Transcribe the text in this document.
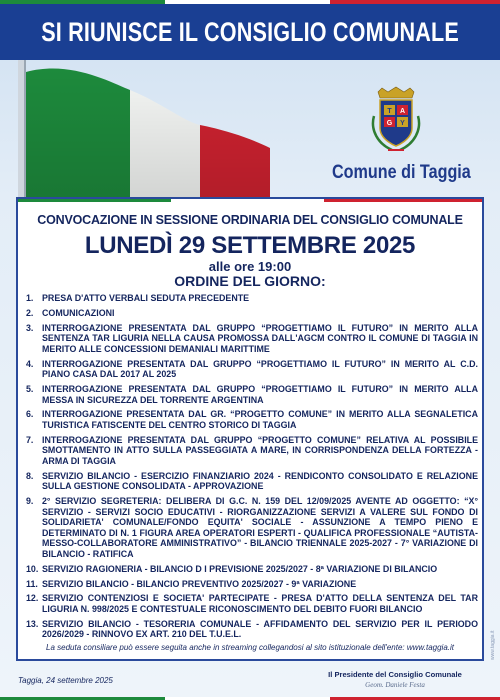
SI RIUNISCE IL CONSIGLIO COMUNALE
T A
G Y
Comune di Taggia
CONVOCAZIONE IN SESSIONE ORDINARIA DEL CONSIGLIO COMUNALE
LUNEDÌ 29 SETTEMBRE 2025
alle ore 19:00
ORDINE DEL GIORNO:
1. PRESA D'ATTO VERBALI SEDUTA PRECEDENTE
2. COMUNICAZIONI
3. INTERROGAZIONE PRESENTATA DAL GRUPPO “PROGETTIAMO IL FUTURO” IN MERITO ALLA SENTENZA TAR LIGURIA NELLA CAUSA PROMOSSA DALL'AGCM CONTRO IL COMUNE DI TAGGIA IN MERITO ALLE CONCESSIONI DEMANIALI MARITTIME
4. INTERROGAZIONE PRESENTATA DAL GRUPPO “PROGETTIAMO IL FUTURO” IN MERITO AL C.D. PIANO CASA DAL 2017 AL 2025
5. INTERROGAZIONE PRESENTATA DAL GRUPPO “PROGETTIAMO IL FUTURO” IN MERITO ALLA MESSA IN SICUREZZA DEL TORRENTE ARGENTINA
6. INTERROGAZIONE PRESENTATA DAL GR. “PROGETTO COMUNE” IN MERITO ALLA SEGNALETICA TURISTICA FATISCENTE DEL CENTRO STORICO DI TAGGIA
7. INTERROGAZIONE PRESENTATA DAL GRUPPO “PROGETTO COMUNE” RELATIVA AL POSSIBILE SMOTTAMENTO IN ATTO SULLA PASSEGGIATA A MARE, IN CORRISPONDENZA DELLA FORTEZZA - ARMA DI TAGGIA
8. SERVIZIO BILANCIO - ESERCIZIO FINANZIARIO 2024 - RENDICONTO CONSOLIDATO E RELAZIONE SULLA GESTIONE CONSOLIDATA - APPROVAZIONE
9. 2° SERVIZIO SEGRETERIA: DELIBERA DI G.C. N. 159 DEL 12/09/2025 AVENTE AD OGGETTO: “X° SERVIZIO - SERVIZI SOCIO EDUCATIVI - RIORGANIZZAZIONE SERVIZI A VALERE SUL FONDO DI SOLIDARIETA' COMUNALE/FONDO EQUITA' SOCIALE - ASSUNZIONE A TEMPO PIENO E DETERMINATO DI N. 1 FIGURA AREA OPERATORI ESPERTI - QUALIFICA PROFESSIONALE “AUTISTA-MESSO-COLLABORATORE AMMINISTRATIVO” - BILANCIO TRIENNALE 2025-2027 - 7° VARIAZIONE DI BILANCIO - RATIFICA
10. SERVIZIO RAGIONERIA - BILANCIO D I PREVISIONE 2025/2027 - 8ª VARIAZIONE DI BILANCIO
11. SERVIZIO BILANCIO - BILANCIO PREVENTIVO 2025/2027 - 9ª VARIAZIONE
12. SERVIZIO CONTENZIOSI E SOCIETA' PARTECIPATE - PRESA D'ATTO DELLA SENTENZA DEL TAR LIGURIA N. 998/2025 E CONTESTUALE RICONOSCIMENTO DEL DEBITO FUORI BILANCIO
13. SERVIZIO BILANCIO - TESORERIA COMUNALE - AFFIDAMENTO DEL SERVIZIO PER IL PERIODO 2026/2029 - RINNOVO EX ART. 210 DEL T.U.E.L.
La seduta consiliare può essere seguita anche in streaming collegandosi al sito istituzionale dell'ente: www.taggia.it
Taggia, 24 settembre 2025
Il Presidente del Consiglio Comunale
Geom. Daniele Festa
www.taggia.it
